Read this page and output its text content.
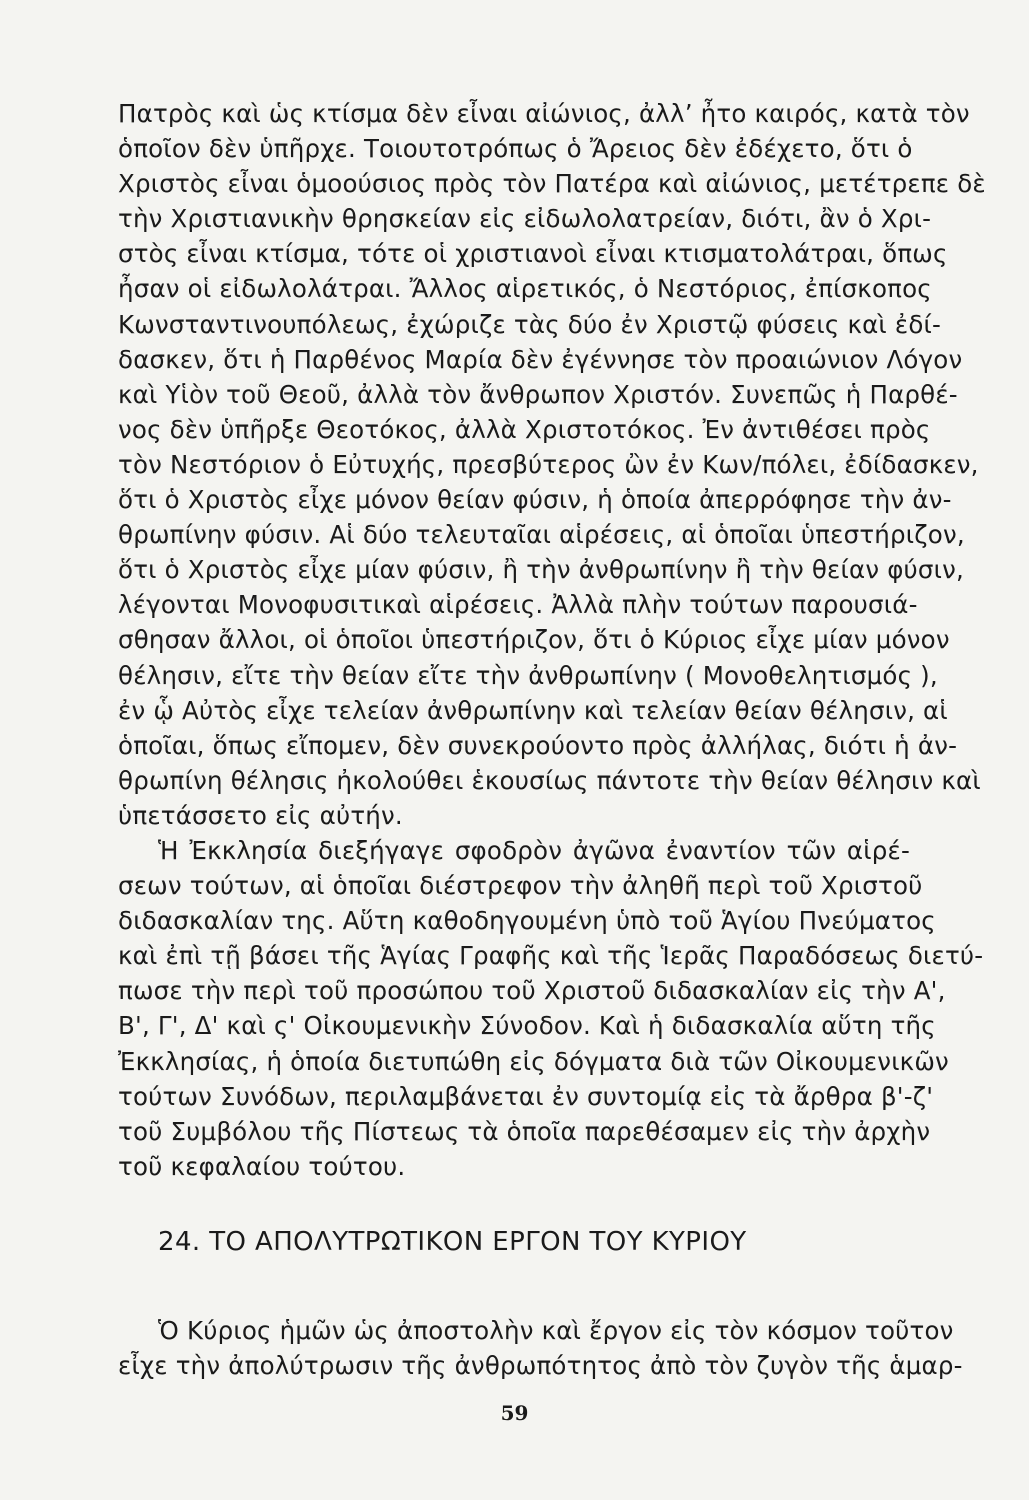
Πατρὸς καὶ ὡς κτίσμα δὲν εἶναι αἰώνιος, ἀλλ’ ἦτο καιρός, κατὰ τὸν
ὁποῖον δὲν ὑπῆρχε. Τοιουτοτρόπως ὁ Ἄρειος δὲν ἐδέχετο, ὅτι ὁ
Χριστὸς εἶναι ὁμοούσιος πρὸς τὸν Πατέρα καὶ αἰώνιος, μετέτρεπε δὲ
τὴν Χριστιανικὴν θρησκείαν εἰς εἰδωλολατρείαν, διότι, ἂν ὁ Χρι-
στὸς εἶναι κτίσμα, τότε οἱ χριστιανοὶ εἶναι κτισματολάτραι, ὅπως
ἦσαν οἱ εἰδωλολάτραι. Ἄλλος αἱρετικός, ὁ Νεστόριος, ἐπίσκοπος
Κωνσταντινουπόλεως, ἐχώριζε τὰς δύο ἐν Χριστῷ φύσεις καὶ ἐδί-
δασκεν, ὅτι ἡ Παρθένος Μαρία δὲν ἐγέννησε τὸν προαιώνιον Λόγον
καὶ Υἱὸν τοῦ Θεοῦ, ἀλλὰ τὸν ἄνθρωπον Χριστόν. Συνεπῶς ἡ Παρθέ-
νος δὲν ὑπῆρξε Θεοτόκος, ἀλλὰ Χριστοτόκος. Ἐν ἀντιθέσει πρὸς
τὸν Νεστόριον ὁ Εὐτυχής, πρεσβύτερος ὢν ἐν Κων/πόλει, ἐδίδασκεν,
ὅτι ὁ Χριστὸς εἶχε μόνον θείαν φύσιν, ἡ ὁποία ἀπερρόφησε τὴν ἀν-
θρωπίνην φύσιν. Αἱ δύο τελευταῖαι αἱρέσεις, αἱ ὁποῖαι ὑπεστήριζον,
ὅτι ὁ Χριστὸς εἶχε μίαν φύσιν, ἢ τὴν ἀνθρωπίνην ἢ τὴν θείαν φύσιν,
λέγονται Μονοφυσιτικαὶ αἱρέσεις. Ἀλλὰ πλὴν τούτων παρουσιά-
σθησαν ἄλλοι, οἱ ὁποῖοι ὑπεστήριζον, ὅτι ὁ Κύριος εἶχε μίαν μόνον
θέλησιν, εἴτε τὴν θείαν εἴτε τὴν ἀνθρωπίνην ( Μονοθελητισμός ),
ἐν ᾧ Αὐτὸς εἶχε τελείαν ἀνθρωπίνην καὶ τελείαν θείαν θέλησιν, αἱ
ὁποῖαι, ὅπως εἴπομεν, δὲν συνεκρούοντο πρὸς ἀλλήλας, διότι ἡ ἀν-
θρωπίνη θέλησις ἠκολούθει ἑκουσίως πάντοτε τὴν θείαν θέλησιν καὶ
ὑπετάσσετο εἰς αὐτήν.
Ἡ Ἐκκλησία διεξήγαγε σφοδρὸν ἀγῶνα ἐναντίον τῶν αἱρέ-
σεων τούτων, αἱ ὁποῖαι διέστρεφον τὴν ἀληθῆ περὶ τοῦ Χριστοῦ
διδασκαλίαν της. Αὕτη καθοδηγουμένη ὑπὸ τοῦ Ἁγίου Πνεύματος
καὶ ἐπὶ τῇ βάσει τῆς Ἁγίας Γραφῆς καὶ τῆς Ἱερᾶς Παραδόσεως διετύ-
πωσε τὴν περὶ τοῦ προσώπου τοῦ Χριστοῦ διδασκαλίαν εἰς τὴν Α',
Β', Γ', Δ' καὶ ς' Οἰκουμενικὴν Σύνοδον. Καὶ ἡ διδασκαλία αὕτη τῆς
Ἐκκλησίας, ἡ ὁποία διετυπώθη εἰς δόγματα διὰ τῶν Οἰκουμενικῶν
τούτων Συνόδων, περιλαμβάνεται ἐν συντομίᾳ εἰς τὰ ἄρθρα β'-ζ'
τοῦ Συμβόλου τῆς Πίστεως τὰ ὁποῖα παρεθέσαμεν εἰς τὴν ἀρχὴν
τοῦ κεφαλαίου τούτου.
24. ΤΟ ΑΠΟΛΥΤΡΩΤΙΚΟΝ ΕΡΓΟΝ ΤΟΥ ΚΥΡΙΟΥ
Ὁ Κύριος ἡμῶν ὡς ἀποστολὴν καὶ ἔργον εἰς τὸν κόσμον τοῦτον
εἶχε τὴν ἀπολύτρωσιν τῆς ἀνθρωπότητος ἀπὸ τὸν ζυγὸν τῆς ἁμαρ-
59
